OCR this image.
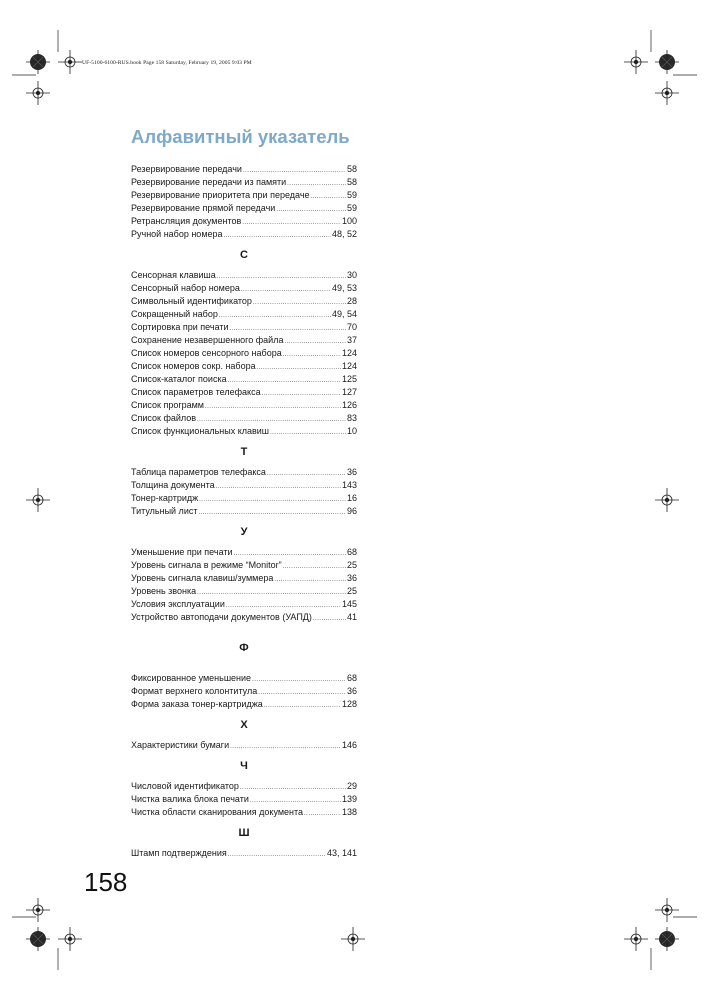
UF-5100-6100-RUS.book Page 158 Saturday, February 19, 2005 9:03 PM
Алфавитный указатель
Резервирование передачи . . .	58
Резервирование передачи из памяти . . .	58
Резервирование приоритета при передаче . . .	59
Резервирование прямой передачи . . .	59
Ретрансляция документов . . .	100
Ручной набор номера . . .	48, 52
С
Сенсорная клавиша . . .	30
Сенсорный набор номера . . .	49, 53
Символьный идентификатор . . .	28
Сокращенный набор . . .	49, 54
Сортировка при печати . . .	70
Сохранение незавершенного файла . . .	37
Список номеров сенсорного набора . . .	124
Список номеров сокр. набора . . .	124
Список-каталог поиска . . .	125
Список параметров телефакса . . .	127
Список программ . . .	126
Список файлов . . .	83
Список функциональных клавиш . . .	10
Т
Таблица параметров телефакса . . .	36
Толщина документа . . .	143
Тонер-картридж . . .	16
Титульный лист . . .	96
У
Уменьшение при печати . . .	68
Уровень сигнала в режиме “Monitor” . . .	25
Уровень сигнала клавиш/зуммера . . .	36
Уровень звонка . . .	25
Условия эксплуатации . . .	145
Устройство автоподачи документов (УАПД) . . .	41
Ф
Фиксированное уменьшение . . .	68
Формат верхнего колонтитула . . .	36
Форма заказа тонер-картриджа . . .	128
Х
Характеристики бумаги . . .	146
Ч
Числовой идентификатор . . .	29
Чистка валика блока печати . . .	139
Чистка области сканирования документа . . .	138
Ш
Штамп подтверждения . . .	43, 141
158
